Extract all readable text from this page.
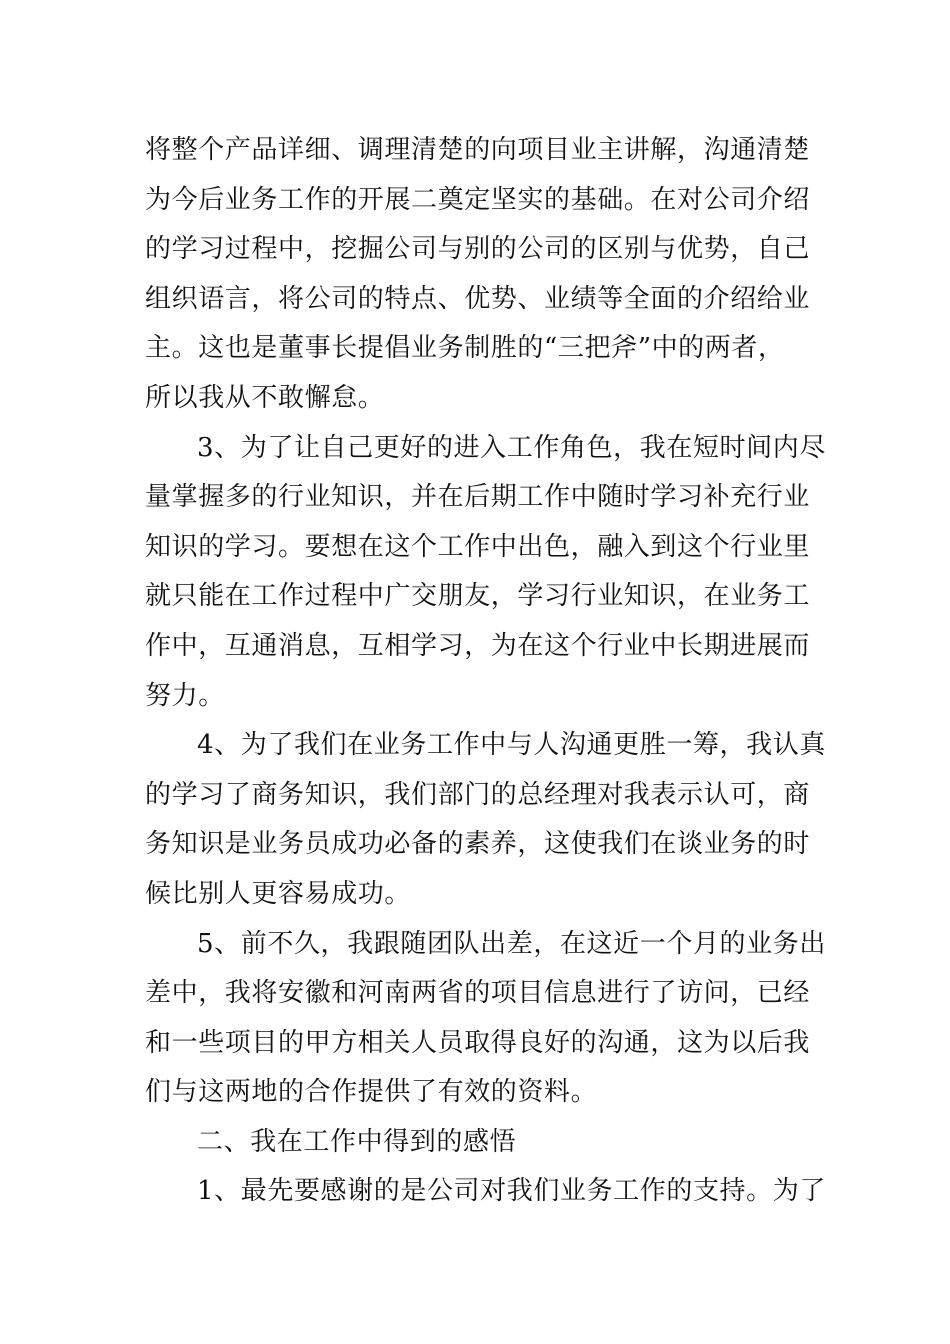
将整个产品详细、调理清楚的向项目业主讲解，沟通清楚
为今后业务工作的开展二奠定坚实的基础。在对公司介绍
的学习过程中，挖掘公司与别的公司的区别与优势，自己
组织语言，将公司的特点、优势、业绩等全面的介绍给业
主。这也是董事长提倡业务制胜的“三把斧”中的两者，
所以我从不敢懈怠。
3、为了让自己更好的进入工作角色，我在短时间内尽
量掌握多的行业知识，并在后期工作中随时学习补充行业
知识的学习。要想在这个工作中出色，融入到这个行业里
就只能在工作过程中广交朋友，学习行业知识，在业务工
作中，互通消息，互相学习，为在这个行业中长期进展而
努力。
4、为了我们在业务工作中与人沟通更胜一筹，我认真
的学习了商务知识，我们部门的总经理对我表示认可，商
务知识是业务员成功必备的素养，这使我们在谈业务的时
候比别人更容易成功。
5、前不久，我跟随团队出差，在这近一个月的业务出
差中，我将安徽和河南两省的项目信息进行了访问，已经
和一些项目的甲方相关人员取得良好的沟通，这为以后我
们与这两地的合作提供了有效的资料。
二、我在工作中得到的感悟
1、最先要感谢的是公司对我们业务工作的支持。为了
